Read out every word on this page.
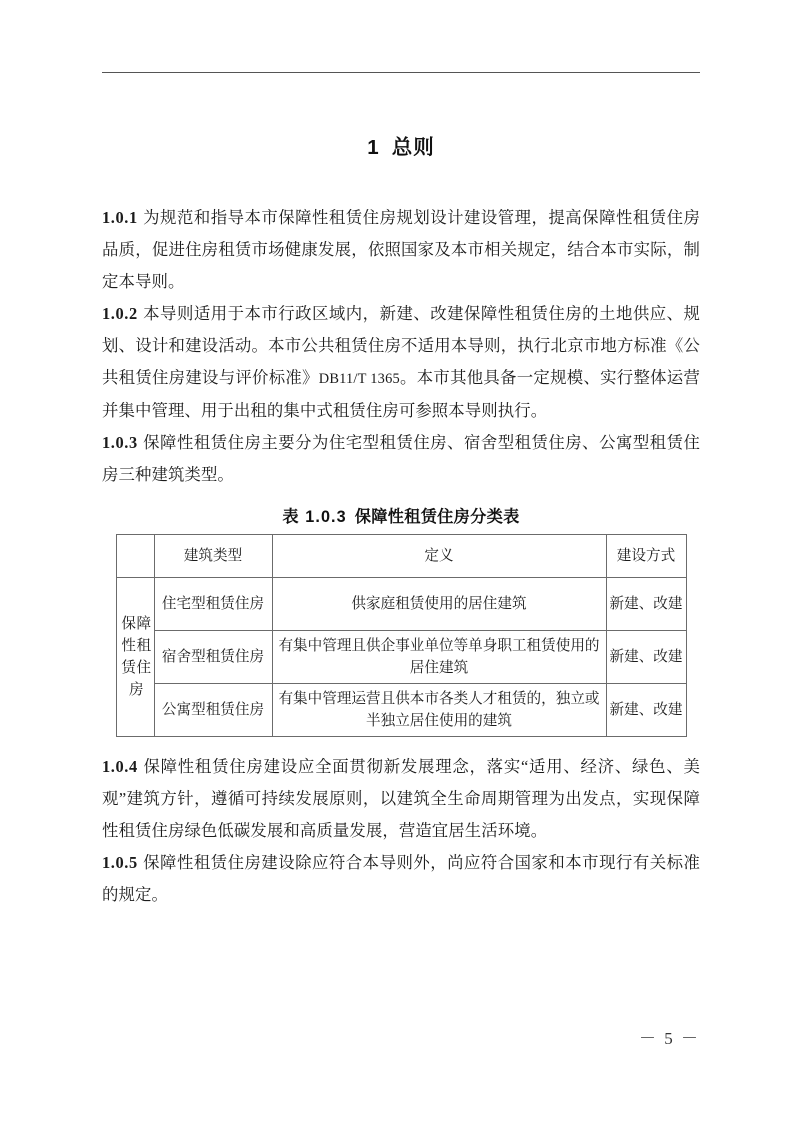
1 总则

1.0.1 为规范和指导本市保障性租赁住房规划设计建设管理，提高保障性租赁住房品质，促进住房租赁市场健康发展，依照国家及本市相关规定，结合本市实际，制定本导则。

1.0.2 本导则适用于本市行政区域内，新建、改建保障性租赁住房的土地供应、规划、设计和建设活动。本市公共租赁住房不适用本导则，执行北京市地方标准《公共租赁住房建设与评价标准》DB11/T 1365。本市其他具备一定规模、实行整体运营并集中管理、用于出租的集中式租赁住房可参照本导则执行。

1.0.3 保障性租赁住房主要分为住宅型租赁住房、宿舍型租赁住房、公寓型租赁住房三种建筑类型。

表 1.0.3 保障性租赁住房分类表
	建筑类型	定义	建设方式

保障性租赁住房	住宅型租赁住房	供家庭租赁使用的居住建筑	新建、改建
	宿舍型租赁住房	有集中管理且供企事业单位等单身职工租赁使用的居住建筑	新建、改建
	公寓型租赁住房	有集中管理运营且供本市各类人才租赁的，独立或半独立居住使用的建筑	新建、改建

1.0.4 保障性租赁住房建设应全面贯彻新发展理念，落实“适用、经济、绿色、美观”建筑方针，遵循可持续发展原则，以建筑全生命周期管理为出发点，实现保障性租赁住房绿色低碳发展和高质量发展，营造宜居生活环境。

1.0.5 保障性租赁住房建设除应符合本导则外，尚应符合国家和本市现行有关标准的规定。

－ 5 －
